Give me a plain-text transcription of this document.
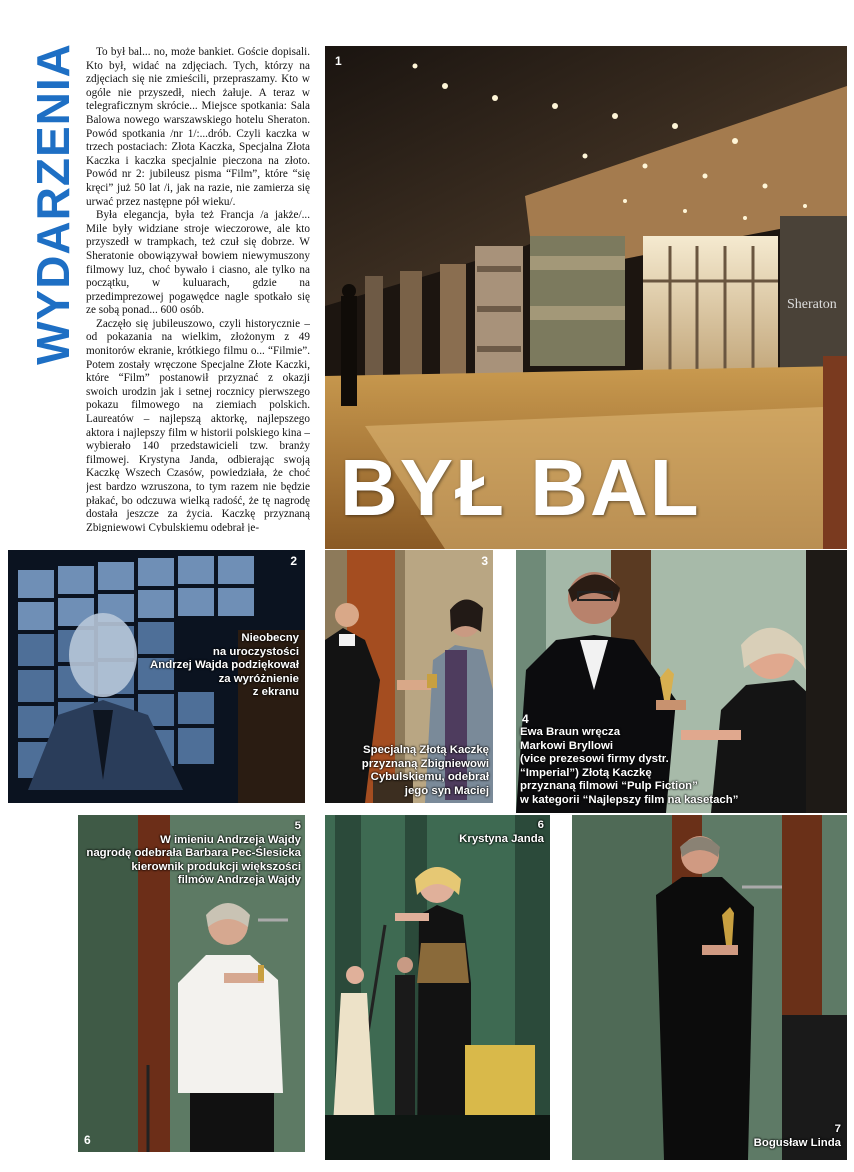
WYDARZENIA	To był bal... no, może bankiet. Goście dopisali. Kto był, widać na zdjęciach. Tych, którzy na zdjęciach się nie zmieścili, przepraszamy. Kto w ogóle nie przyszedł, niech żałuje. A teraz w telegraficznym skrócie... Miejsce spotkania: Sala Balowa nowego warszawskiego hotelu Sheraton. Powód spotkania /nr 1/:...drób. Czyli kaczka w trzech postaciach: Złota Kaczka, Specjalna Złota Kaczka i kaczka specjalnie pieczona na złoto. Powód nr 2: jubileusz pisma “Film”, które “się kręci” już 50 lat /i, jak na razie, nie zamierza się urwać przez następne pół wieku/.

Była elegancja, była też Francja /a jakże/... Mile były widziane stroje wieczorowe, ale kto przyszedł w trampkach, też czuł się dobrze. W Sheratonie obowiązywał bowiem niewymuszony filmowy luz, choć bywało i ciasno, ale tylko na początku, w kuluarach, gdzie na przedimprezowej pogawędce nagle spotkało się ze sobą ponad... 600 osób.

Zaczęło się jubileuszowo, czyli historycznie – od pokazania na wielkim, złożonym z 49 monitorów ekranie, krótkiego filmu o... “Filmie”. Potem zostały wręczone Specjalne Złote Kaczki, które “Film” postanowił przyznać z okazji swoich urodzin jak i setnej rocznicy pierwszego pokazu filmowego na ziemiach polskich. Laureatów – najlepszą aktorkę, najlepszego aktora i najlepszy film w historii polskiego kina – wybierało 140 przedstawicieli tzw. branży filmowej. Krystyna Janda, odbierając swoją Kaczkę Wszech Czasów, powiedziała, że choć jest bardzo wzruszona, to tym razem nie będzie płakać, bo odczuwa wielką radość, że tę nagrodę dostała jeszcze za życia. Kaczkę przyznaną Zbigniewowi Cybulskiemu odebrał je-

Sheraton
1
BYŁ BAL
2
Nieobecny
na uroczystości
Andrzej Wajda podziękował
za wyróżnienie
z ekranu
3
Specjalną Złotą Kaczkę
przyznaną Zbigniewowi
Cybulskiemu, odebrał
jego syn Maciej
4
Ewa Braun wręcza
Markowi Bryllowi
(vice prezesowi firmy dystr.
“Imperial”) Złotą Kaczkę
przyznaną filmowi “Pulp Fiction”
w kategorii “Najlepszy film na kasetach”
6
5
W imieniu Andrzeja Wajdy
nagrodę odebrała Barbara Pec-Ślesicka
kierownik produkcji większości
filmów Andrzeja Wajdy
6
Krystyna Janda
7
Bogusław Linda
